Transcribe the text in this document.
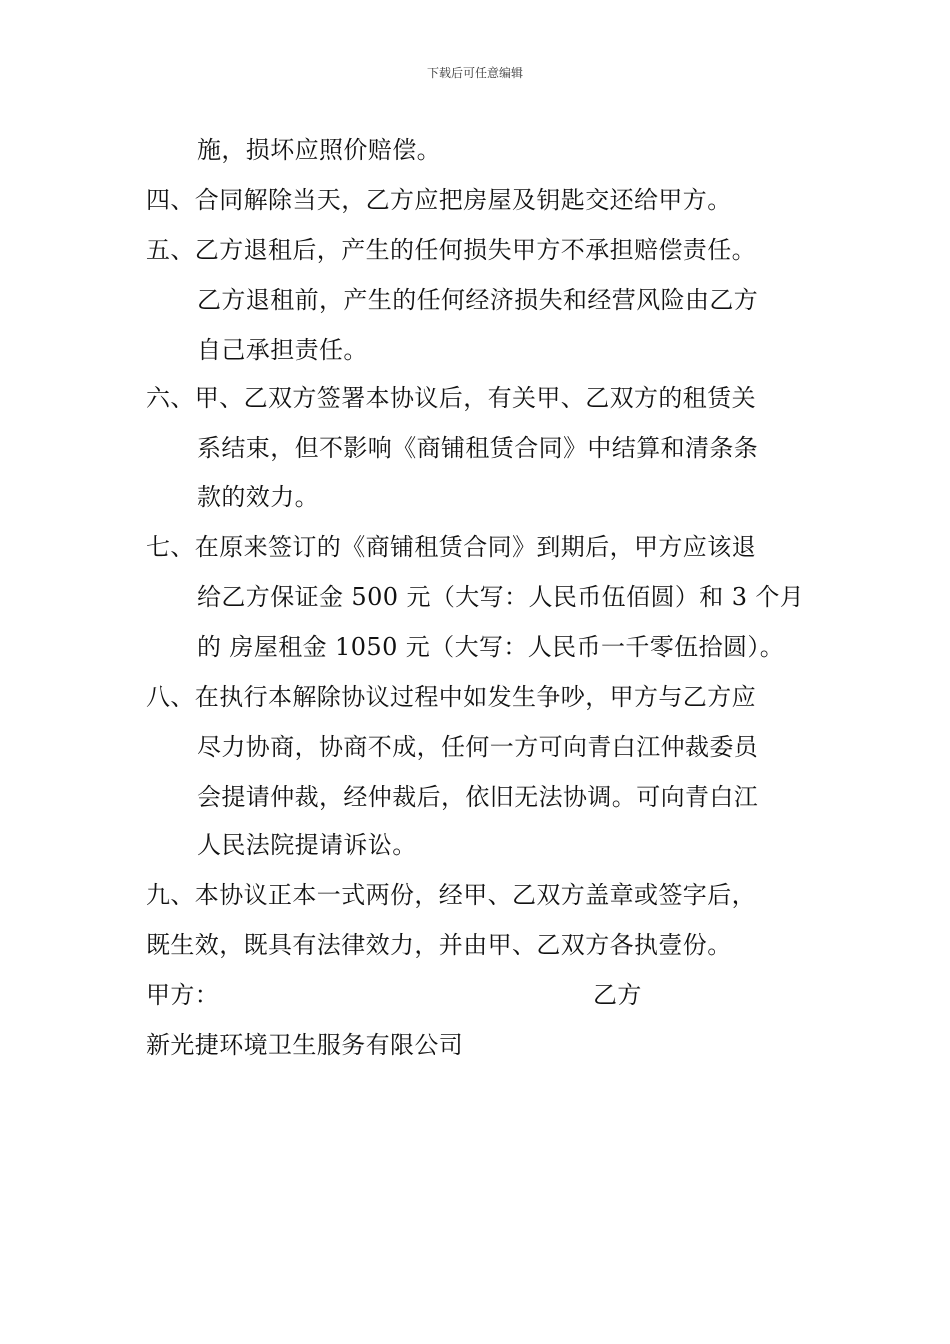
下载后可任意编辑
施，损坏应照价赔偿。
四、合同解除当天，乙方应把房屋及钥匙交还给甲方。
五、乙方退租后，产生的任何损失甲方不承担赔偿责任。
乙方退租前，产生的任何经济损失和经营风险由乙方
自己承担责任。
六、甲、乙双方签署本协议后，有关甲、乙双方的租赁关
系结束，但不影响《商铺租赁合同》中结算和清条条
款的效力。
七、在原来签订的《商铺租赁合同》到期后，甲方应该退
给乙方保证金 500 元（大写：人民币伍佰圆）和 3 个月
的 房屋租金 1050 元（大写：人民币一千零伍拾圆）。
八、在执行本解除协议过程中如发生争吵，甲方与乙方应
尽力协商，协商不成，任何一方可向青白江仲裁委员
会提请仲裁，经仲裁后，依旧无法协调。可向青白江
人民法院提请诉讼。
九、本协议正本一式两份，经甲、乙双方盖章或签字后，
既生效，既具有法律效力，并由甲、乙双方各执壹份。
甲方：	乙方
新光捷环境卫生服务有限公司
